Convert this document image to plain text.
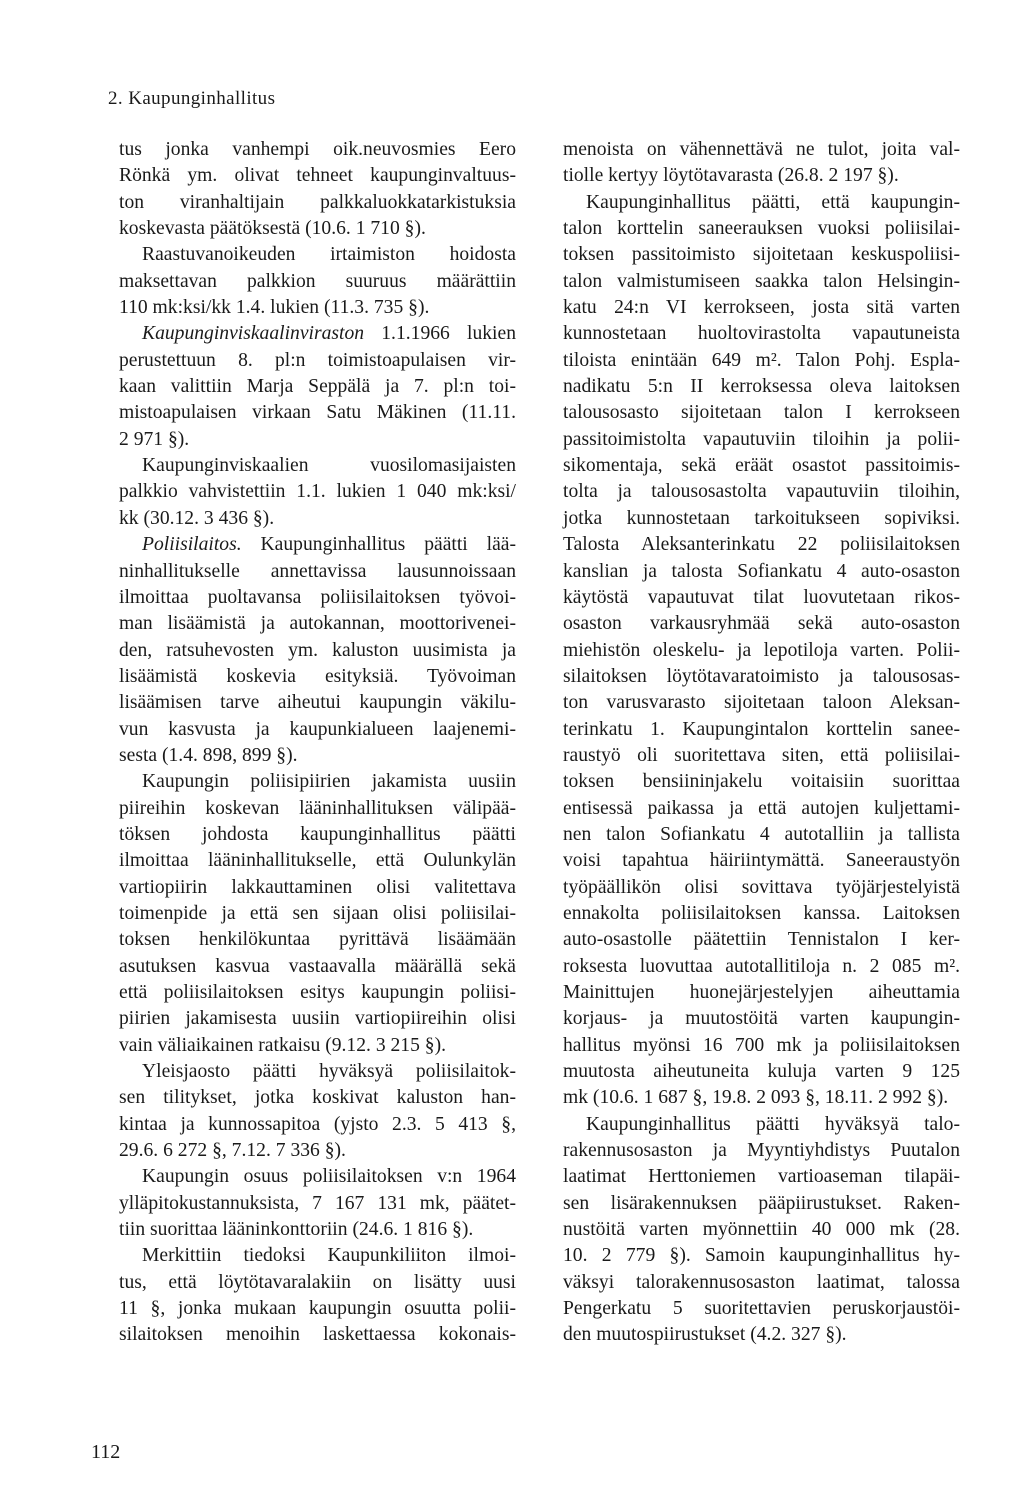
2. Kaupunginhallitus
tus jonka vanhempi oik.neuvosmies Eero
Rönkä ym. olivat tehneet kaupunginvaltuus-
ton viranhaltijain palkkaluokkatarkistuksia
koskevasta päätöksestä (10.6. 1 710 §).
Raastuvanoikeuden irtaimiston hoidosta
maksettavan palkkion suuruus määrättiin
110 mk:ksi/kk 1.4. lukien (11.3. 735 §).
Kaupunginviskaalinviraston 1.1.1966 lukien
perustettuun 8. pl:n toimistoapulaisen vir-
kaan valittiin Marja Seppälä ja 7. pl:n toi-
mistoapulaisen virkaan Satu Mäkinen (11.11.
2 971 §).
Kaupunginviskaalien vuosilomasijaisten
palkkio vahvistettiin 1.1. lukien 1 040 mk:ksi/
kk (30.12. 3 436 §).
Poliisilaitos. Kaupunginhallitus päätti lää-
ninhallitukselle annettavissa lausunnoissaan
ilmoittaa puoltavansa poliisilaitoksen työvoi-
man lisäämistä ja autokannan, moottorivenei-
den, ratsuhevosten ym. kaluston uusimista ja
lisäämistä koskevia esityksiä. Työvoiman
lisäämisen tarve aiheutui kaupungin väkilu-
vun kasvusta ja kaupunkialueen laajenemi-
sesta (1.4. 898, 899 §).
Kaupungin poliisipiirien jakamista uusiin
piireihin koskevan lääninhallituksen välipää-
töksen johdosta kaupunginhallitus päätti
ilmoittaa lääninhallitukselle, että Oulunkylän
vartiopiirin lakkauttaminen olisi valitettava
toimenpide ja että sen sijaan olisi poliisilai-
toksen henkilökuntaa pyrittävä lisäämään
asutuksen kasvua vastaavalla määrällä sekä
että poliisilaitoksen esitys kaupungin poliisi-
piirien jakamisesta uusiin vartiopiireihin olisi
vain väliaikainen ratkaisu (9.12. 3 215 §).
Yleisjaosto päätti hyväksyä poliisilaitok-
sen tilitykset, jotka koskivat kaluston han-
kintaa ja kunnossapitoa (yjsto 2.3. 5 413 §,
29.6. 6 272 §, 7.12. 7 336 §).
Kaupungin osuus poliisilaitoksen v:n 1964
ylläpitokustannuksista, 7 167 131 mk, päätet-
tiin suorittaa lääninkonttoriin (24.6. 1 816 §).
Merkittiin tiedoksi Kaupunkiliiton ilmoi-
tus, että löytötavaralakiin on lisätty uusi
11 §, jonka mukaan kaupungin osuutta polii-
silaitoksen menoihin laskettaessa kokonais-
menoista on vähennettävä ne tulot, joita val-
tiolle kertyy löytötavarasta (26.8. 2 197 §).
Kaupunginhallitus päätti, että kaupungin-
talon korttelin saneerauksen vuoksi poliisilai-
toksen passitoimisto sijoitetaan keskuspoliisi-
talon valmistumiseen saakka talon Helsingin-
katu 24:n VI kerrokseen, josta sitä varten
kunnostetaan huoltovirastolta vapautuneista
tiloista enintään 649 m². Talon Pohj. Espla-
nadikatu 5:n II kerroksessa oleva laitoksen
talousosasto sijoitetaan talon I kerrokseen
passitoimistolta vapautuviin tiloihin ja polii-
sikomentaja, sekä eräät osastot passitoimis-
tolta ja talousosastolta vapautuviin tiloihin,
jotka kunnostetaan tarkoitukseen sopiviksi.
Talosta Aleksanterinkatu 22 poliisilaitoksen
kanslian ja talosta Sofiankatu 4 auto-osaston
käytöstä vapautuvat tilat luovutetaan rikos-
osaston varkausryhmää sekä auto-osaston
miehistön oleskelu- ja lepotiloja varten. Polii-
silaitoksen löytötavaratoimisto ja talousosas-
ton varusvarasto sijoitetaan taloon Aleksan-
terinkatu 1. Kaupungintalon korttelin sanee-
raustyö oli suoritettava siten, että poliisilai-
toksen bensiininjakelu voitaisiin suorittaa
entisessä paikassa ja että autojen kuljettami-
nen talon Sofiankatu 4 autotalliin ja tallista
voisi tapahtua häiriintymättä. Saneeraustyön
työpäällikön olisi sovittava työjärjestelyistä
ennakolta poliisilaitoksen kanssa. Laitoksen
auto-osastolle päätettiin Tennistalon I ker-
roksesta luovuttaa autotallitiloja n. 2 085 m².
Mainittujen huonejärjestelyjen aiheuttamia
korjaus- ja muutostöitä varten kaupungin-
hallitus myönsi 16 700 mk ja poliisilaitoksen
muutosta aiheutuneita kuluja varten 9 125
mk (10.6. 1 687 §, 19.8. 2 093 §, 18.11. 2 992 §).
Kaupunginhallitus päätti hyväksyä talo-
rakennusosaston ja Myyntiyhdistys Puutalon
laatimat Herttoniemen vartioaseman tilapäi-
sen lisärakennuksen pääpiirustukset. Raken-
nustöitä varten myönnettiin 40 000 mk (28.
10. 2 779 §). Samoin kaupunginhallitus hy-
väksyi talorakennusosaston laatimat, talossa
Pengerkatu 5 suoritettavien peruskorjaustöi-
den muutospiirustukset (4.2. 327 §).
112
